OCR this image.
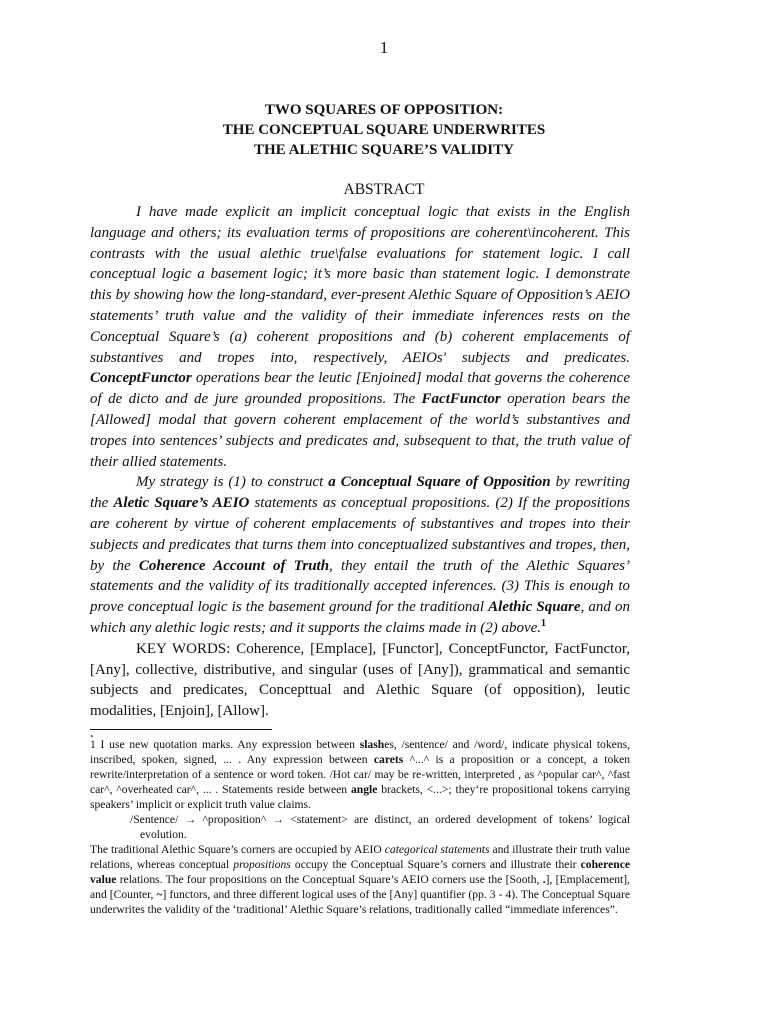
1
TWO SQUARES OF OPPOSITION:
THE CONCEPTUAL SQUARE UNDERWRITES
THE ALETHIC SQUARE’S VALIDITY
ABSTRACT

I have made explicit an implicit conceptual logic that exists in the English language and others; its evaluation terms of propositions are coherent\incoherent. This contrasts with the usual alethic true\false evaluations for statement logic. I call conceptual logic a basement logic; it’s more basic than statement logic. I demonstrate this by showing how the long-standard, ever-present Alethic Square of Opposition’s AEIO statements’ truth value and the validity of their immediate inferences rests on the Conceptual Square’s (a) coherent propositions and (b) coherent emplacements of substantives and tropes into, respectively, AEIOs' subjects and predicates. ConceptFunctor operations bear the leutic [Enjoined] modal that governs the coherence of de dicto and de jure grounded propositions. The FactFunctor operation bears the [Allowed] modal that govern coherent emplacement of the world’s substantives and tropes into sentences’ subjects and predicates and, subsequent to that, the truth value of their allied statements.

My strategy is (1) to construct a Conceptual Square of Opposition by rewriting the Aletic Square’s AEIO statements as conceptual propositions. (2) If the propositions are coherent by virtue of coherent emplacements of substantives and tropes into their subjects and predicates that turns them into conceptualized substantives and tropes, then, by the Coherence Account of Truth, they entail the truth of the Alethic Squares’ statements and the validity of its traditionally accepted inferences. (3) This is enough to prove conceptual logic is the basement ground for the traditional Alethic Square, and on which any alethic logic rests; and it supports the claims made in (2) above.$^1$

KEY WORDS: Coherence, [Emplace], [Functor], ConceptFunctor, FactFunctor, [Any], collective, distributive, and singular (uses of [Any]), grammatical and semantic subjects and predicates, Concepttual and Alethic Square (of opposition), leutic modalities, [Enjoin], [Allow].

.

1 I use new quotation marks. Any expression between slashes, /sentence/ and /word/, indicate physical tokens, inscribed, spoken, signed, ... . Any expression between carets ^...^ is a proposition or a concept, a token rewrite/interpretation of a sentence or word token. /Hot car/ may be re-written, interpreted , as ^popular car^, ^fast car^, ^overheated car^, ... . Statements reside between angle brackets, <...>; they‘re propositional tokens carrying speakers’ implicit or explicit truth value claims.

/Sentence/ → ^proposition^ → <statement> are distinct, an ordered development of tokens’ logical evolution.

The traditional Alethic Square’s corners are occupied by AEIO categorical statements and illustrate their truth value relations, whereas conceptual propositions occupy the Conceptual Square’s corners and illustrate their coherence value relations. The four propositions on the Conceptual Square’s AEIO corners use the [Sooth, .], [Emplacement], and [Counter, ~] functors, and three different logical uses of the [Any] quantifier (pp. 3 - 4). The Conceptual Square underwrites the validity of the ‘traditional’ Alethic Square’s relations, traditionally called “immediate inferences”.
